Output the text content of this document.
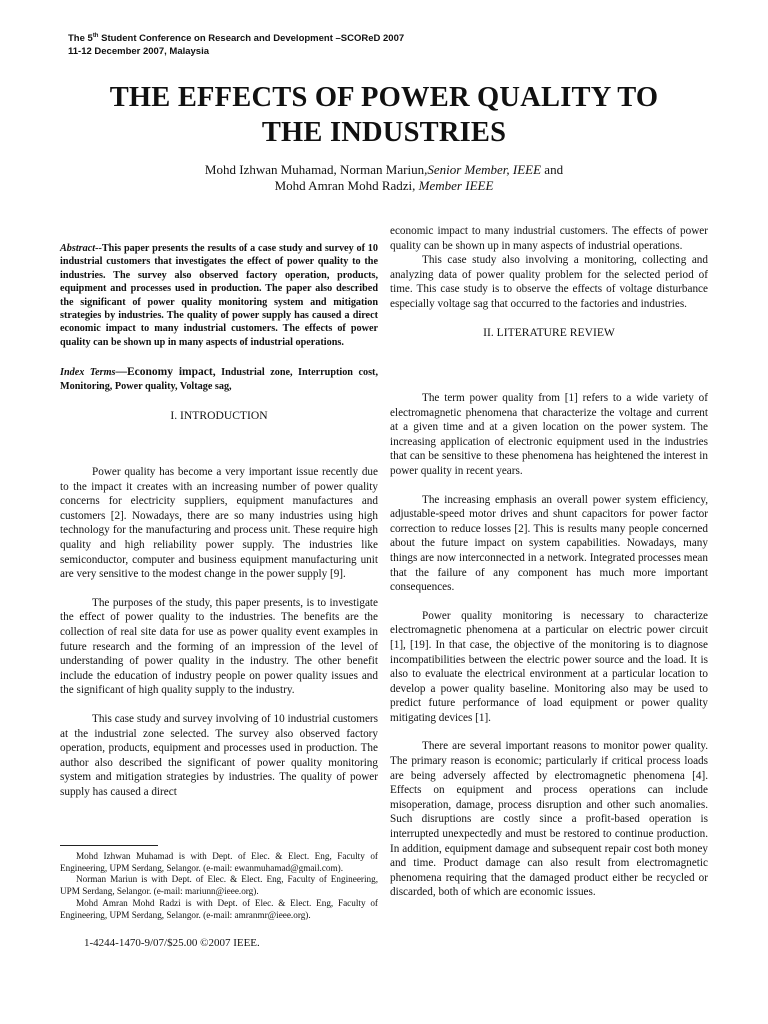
The 5th Student Conference on Research and Development –SCOReD 2007
11-12 December 2007, Malaysia
THE EFFECTS OF POWER QUALITY TO
THE INDUSTRIES
Mohd Izhwan Muhamad, Norman Mariun,Senior Member, IEEE and
Mohd Amran Mohd Radzi, Member IEEE

Abstract--This paper presents the results of a case study and survey of 10 industrial customers that investigates the effect of power quality to the industries. The survey also observed factory operation, products, equipment and processes used in production. The paper also described the significant of power quality monitoring system and mitigation strategies by industries. The quality of power supply has caused a direct economic impact to many industrial customers. The effects of power quality can be shown up in many aspects of industrial operations.

Index Terms—Economy impact, Industrial zone, Interruption cost, Monitoring, Power quality, Voltage sag,

I. INTRODUCTION

Power quality has become a very important issue recently due to the impact it creates with an increasing number of power quality concerns for electricity suppliers, equipment manufactures and customers [2]. Nowadays, there are so many industries using high technology for the manufacturing and process unit. These require high quality and high reliability power supply. The industries like semiconductor, computer and business equipment manufacturing unit are very sensitive to the modest change in the power supply [9].

The purposes of the study, this paper presents, is to investigate the effect of power quality to the industries. The benefits are the collection of real site data for use as power quality event examples in future research and the forming of an impression of the level of understanding of power quality in the industry. The other benefit include the education of industry people on power quality issues and the significant of high quality supply to the industry.

This case study and survey involving of 10 industrial customers at the industrial zone selected. The survey also observed factory operation, products, equipment and processes used in production. The author also described the significant of power quality monitoring system and mitigation strategies by industries. The quality of power supply has caused a direct

Mohd Izhwan Muhamad is with Dept. of Elec. & Elect. Eng, Faculty of Engineering, UPM Serdang, Selangor. (e-mail: ewanmuhamad@gmail.com).

Norman Mariun is with Dept. of Elec. & Elect. Eng, Faculty of Engineering, UPM Serdang, Selangor. (e-mail: mariunn@ieee.org).

Mohd Amran Mohd Radzi is with Dept. of Elec. & Elect. Eng, Faculty of Engineering, UPM Serdang, Selangor. (e-mail: amranmr@ieee.org).

1-4244-1470-9/07/$25.00 ©2007 IEEE.

economic impact to many industrial customers. The effects of power quality can be shown up in many aspects of industrial operations.

This case study also involving a monitoring, collecting and analyzing data of power quality problem for the selected period of time. This case study is to observe the effects of voltage disturbance especially voltage sag that occurred to the factories and industries.

II. LITERATURE REVIEW

The term power quality from [1] refers to a wide variety of electromagnetic phenomena that characterize the voltage and current at a given time and at a given location on the power system. The increasing application of electronic equipment used in the industries that can be sensitive to these phenomena has heightened the interest in power quality in recent years.

The increasing emphasis an overall power system efficiency, adjustable-speed motor drives and shunt capacitors for power factor correction to reduce losses [2]. This is results many people concerned about the future impact on system capabilities. Nowadays, many things are now interconnected in a network. Integrated processes mean that the failure of any component has much more important consequences.

Power quality monitoring is necessary to characterize electromagnetic phenomena at a particular on electric power circuit [1], [19]. In that case, the objective of the monitoring is to diagnose incompatibilities between the electric power source and the load. It is also to evaluate the electrical environment at a particular location to develop a power quality baseline. Monitoring also may be used to predict future performance of load equipment or power quality mitigating devices [1].

There are several important reasons to monitor power quality. The primary reason is economic; particularly if critical process loads are being adversely affected by electromagnetic phenomena [4]. Effects on equipment and process operations can include misoperation, damage, process disruption and other such anomalies. Such disruptions are costly since a profit-based operation is interrupted unexpectedly and must be restored to continue production. In addition, equipment damage and subsequent repair cost both money and time. Product damage can also result from electromagnetic phenomena requiring that the damaged product either be recycled or discarded, both of which are economic issues.
